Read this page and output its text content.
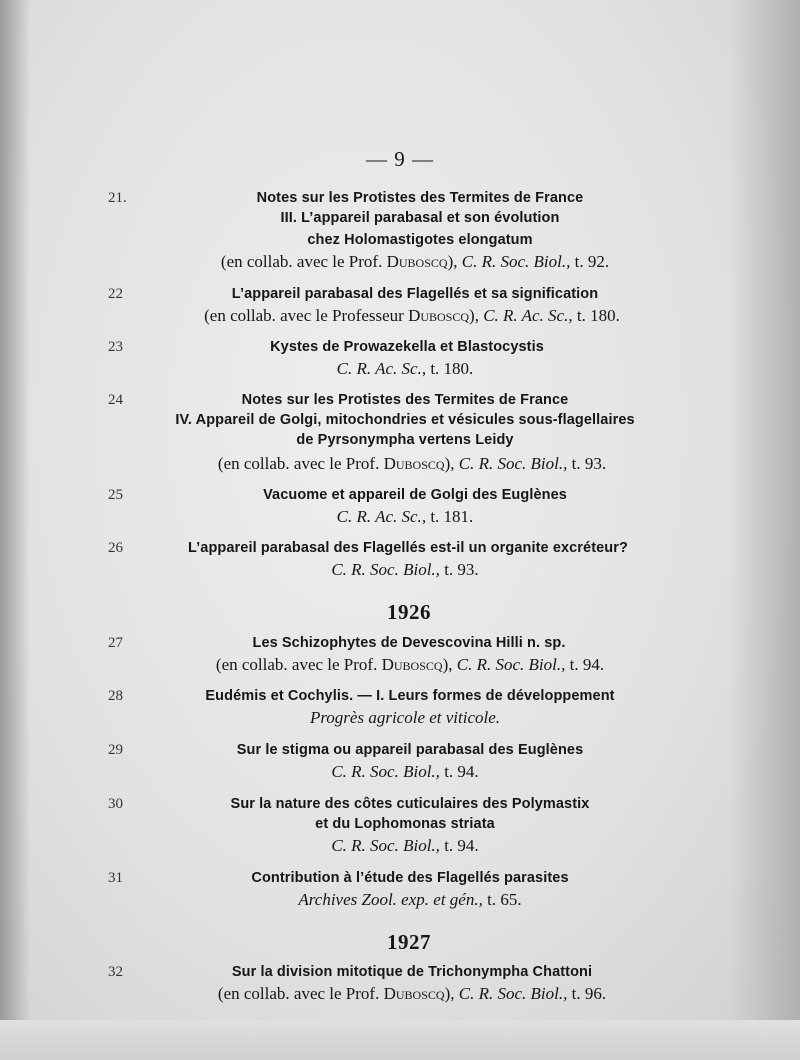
— 9 —
21.	Notes sur les Protistes des Termites de France
III. L’appareil parabasal et son évolution
chez Holomastigotes elongatum
(en collab. avec le Prof. Duboscq), C. R. Soc. Biol., t. 92.
22	L’appareil parabasal des Flagellés et sa signification
(en collab. avec le Professeur Duboscq), C. R. Ac. Sc., t. 180.
23	Kystes de Prowazekella et Blastocystis
C. R. Ac. Sc., t. 180.
24	Notes sur les Protistes des Termites de France
IV. Appareil de Golgi, mitochondries et vésicules sous-flagellaires
de Pyrsonympha vertens Leidy
(en collab. avec le Prof. Duboscq), C. R. Soc. Biol., t. 93.
25	Vacuome et appareil de Golgi des Euglènes
C. R. Ac. Sc., t. 181.
26	L’appareil parabasal des Flagellés est-il un organite excréteur?
C. R. Soc. Biol., t. 93.
1926
27	Les Schizophytes de Devescovina Hilli n. sp.
(en collab. avec le Prof. Duboscq), C. R. Soc. Biol., t. 94.
28	Eudémis et Cochylis. — I. Leurs formes de développement
Progrès agricole et viticole.
29	Sur le stigma ou appareil parabasal des Euglènes
C. R. Soc. Biol., t. 94.
30	Sur la nature des côtes cuticulaires des Polymastix
et du Lophomonas striata
C. R. Soc. Biol., t. 94.
31	Contribution à l’étude des Flagellés parasites
Archives Zool. exp. et gén., t. 65.
1927
32	Sur la division mitotique de Trichonympha Chattoni
(en collab. avec le Prof. Duboscq), C. R. Soc. Biol., t. 96.
